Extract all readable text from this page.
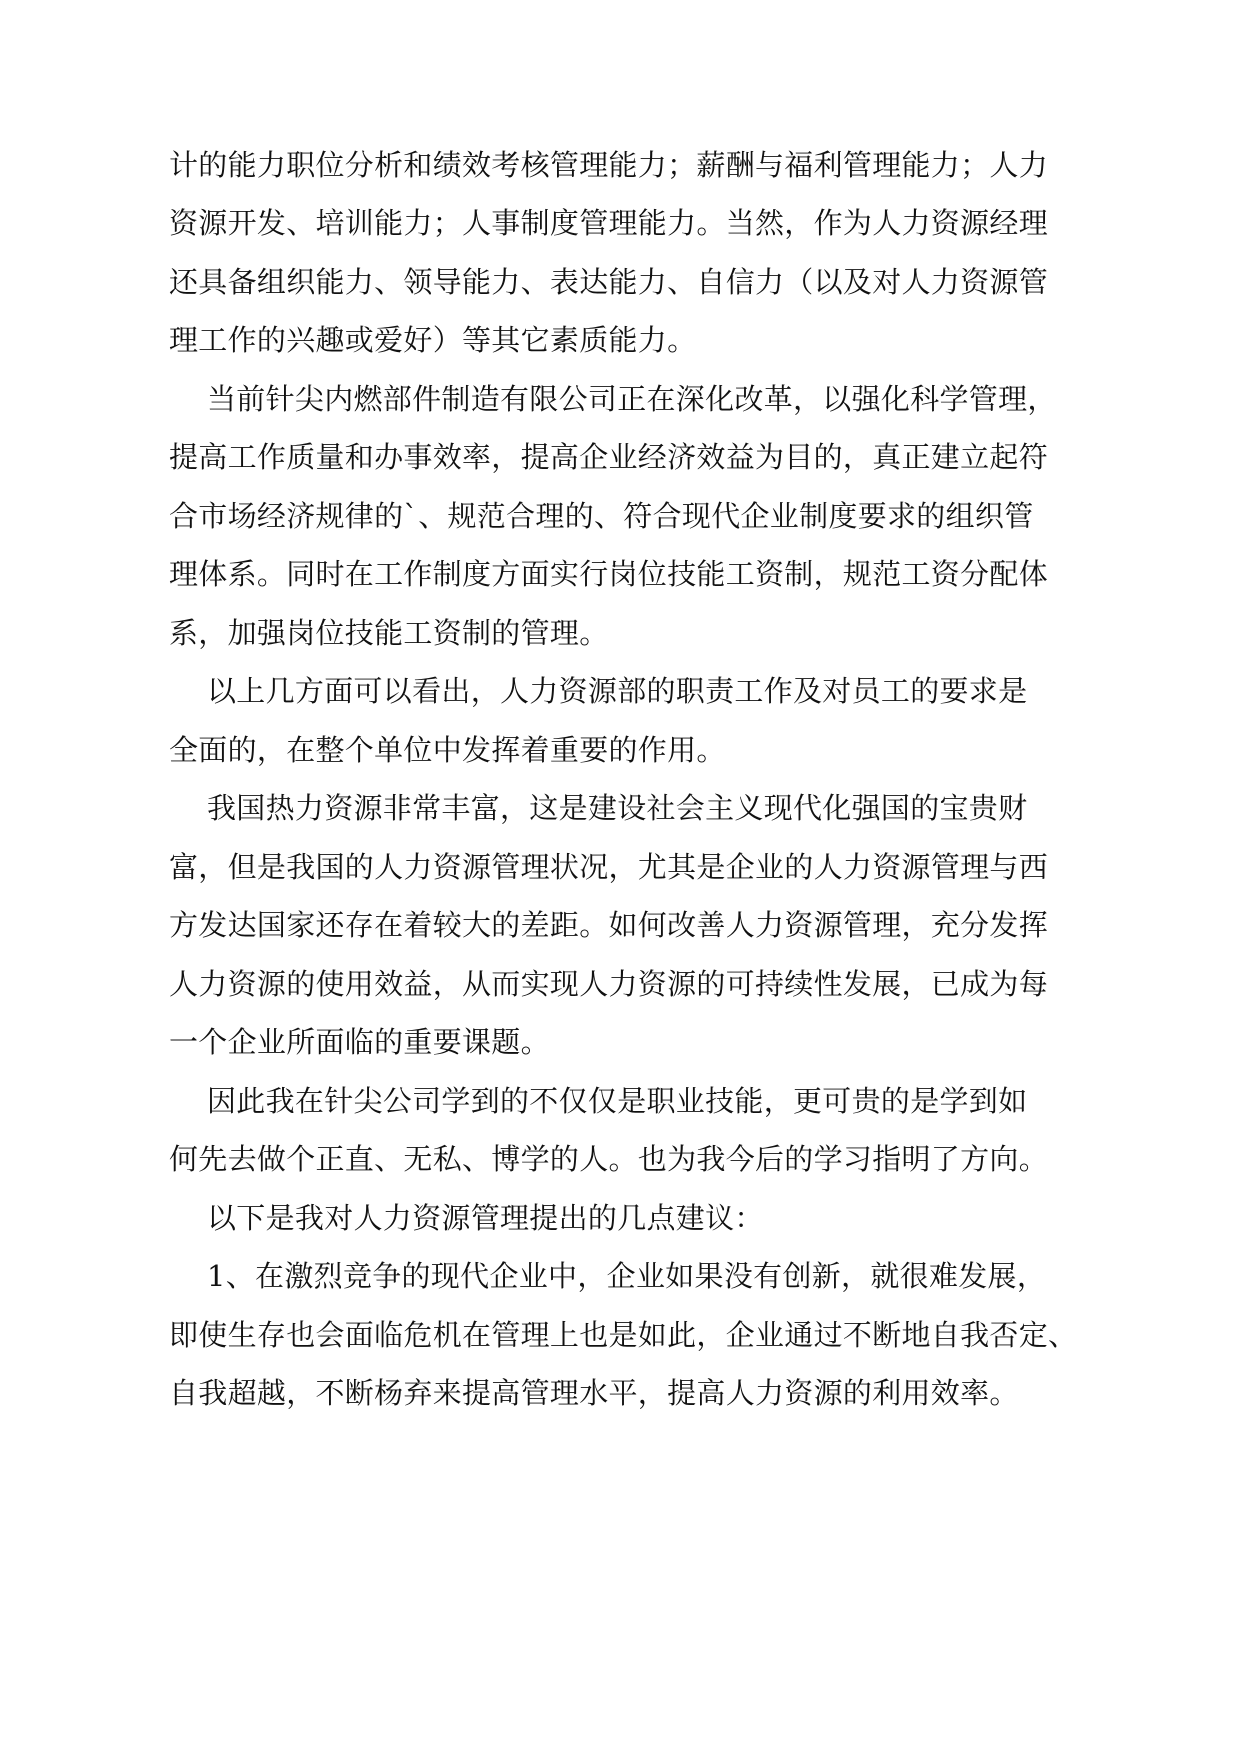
计的能力职位分析和绩效考核管理能力；薪酬与福利管理能力；人力
资源开发、培训能力；人事制度管理能力。当然，作为人力资源经理
还具备组织能力、领导能力、表达能力、自信力（以及对人力资源管
理工作的兴趣或爱好）等其它素质能力。
当前针尖内燃部件制造有限公司正在深化改革，以强化科学管理，
提高工作质量和办事效率，提高企业经济效益为目的，真正建立起符
合市场经济规律的`、规范合理的、符合现代企业制度要求的组织管
理体系。同时在工作制度方面实行岗位技能工资制，规范工资分配体
系，加强岗位技能工资制的管理。
以上几方面可以看出，人力资源部的职责工作及对员工的要求是
全面的，在整个单位中发挥着重要的作用。
我国热力资源非常丰富，这是建设社会主义现代化强国的宝贵财
富，但是我国的人力资源管理状况，尤其是企业的人力资源管理与西
方发达国家还存在着较大的差距。如何改善人力资源管理，充分发挥
人力资源的使用效益，从而实现人力资源的可持续性发展，已成为每
一个企业所面临的重要课题。
因此我在针尖公司学到的不仅仅是职业技能，更可贵的是学到如
何先去做个正直、无私、博学的人。也为我今后的学习指明了方向。
以下是我对人力资源管理提出的几点建议：
1、在激烈竞争的现代企业中，企业如果没有创新，就很难发展，
即使生存也会面临危机在管理上也是如此，企业通过不断地自我否定、
自我超越，不断杨弃来提高管理水平，提高人力资源的利用效率。
